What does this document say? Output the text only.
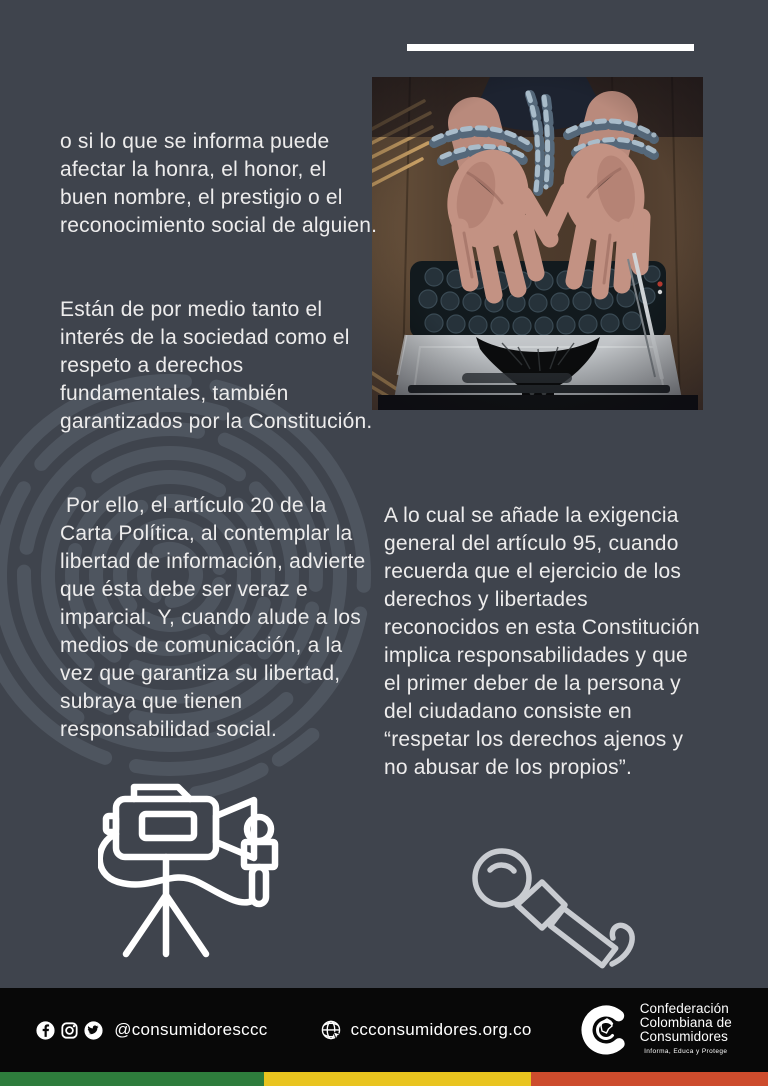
o si lo que se informa puede afectar la honra, el honor, el buen nombre, el prestigio o el reconocimiento social de alguien.

Están de por medio tanto el interés de la sociedad como el respeto a derechos fundamentales, también garantizados por la Constitución.

Por ello, el artículo 20 de la Carta Política, al contemplar la libertad de información, advierte que ésta debe ser veraz e imparcial. Y, cuando alude a los medios de comunicación, a la vez que garantiza su libertad, subraya que tienen responsabilidad social.

A lo cual se añade la exigencia general del artículo 95, cuando recuerda que el ejercicio de los derechos y libertades reconocidos en esta Constitución implica responsabilidades y que el primer deber de la persona y del ciudadano consiste en “respetar los derechos ajenos y no abusar de los propios”.

@consumidoresccc	ccconsumidores.org.co
Confederación
Colombiana de
Consumidores
Informa, Educa y Protege
